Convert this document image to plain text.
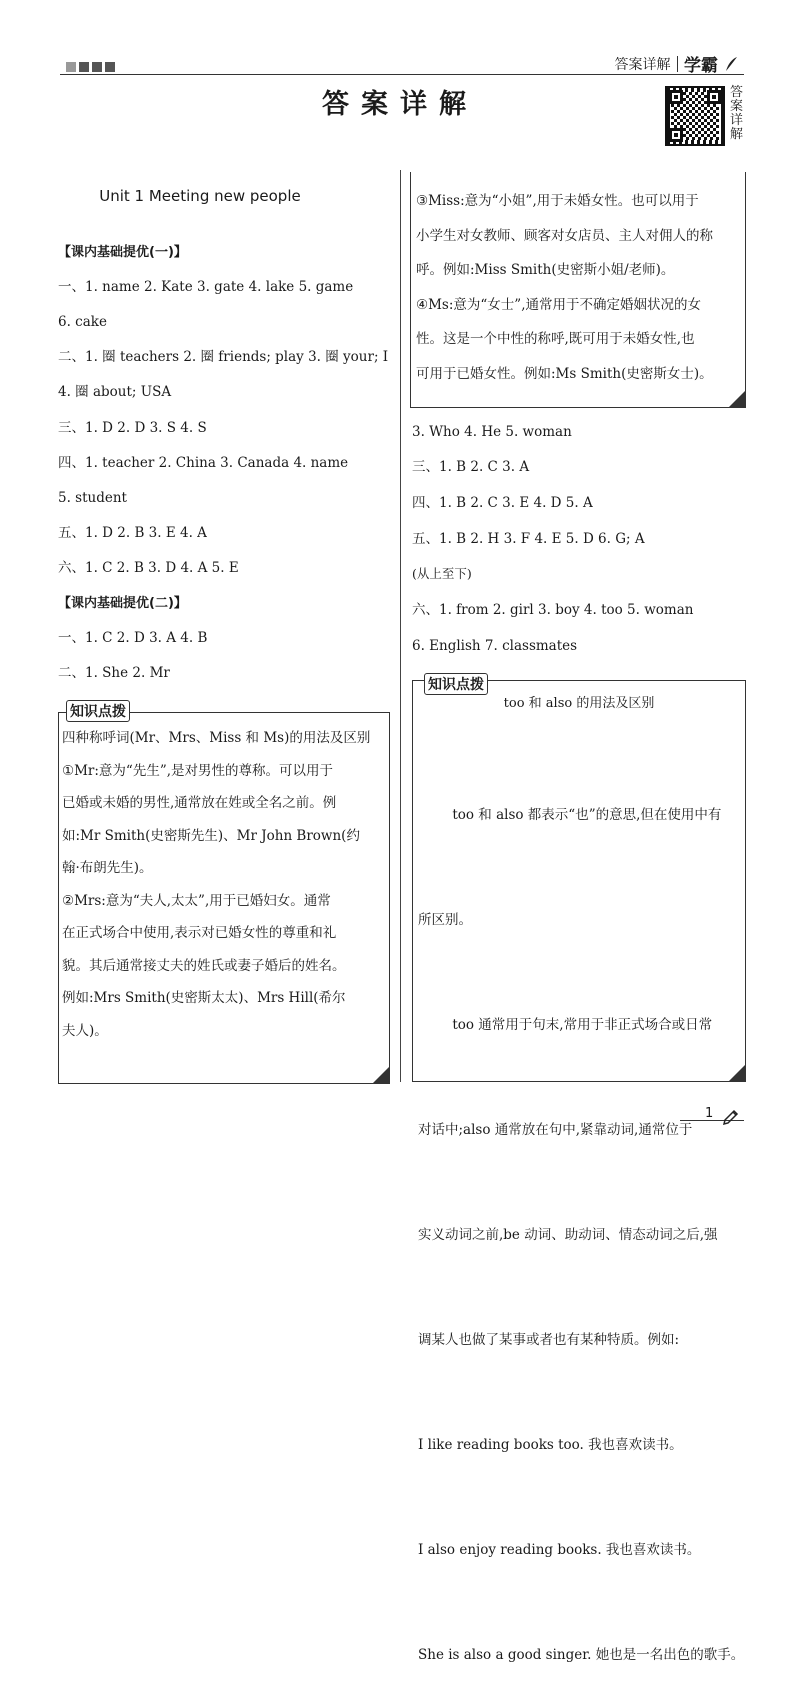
答案详解 学霸
答案详解	答案详解
Unit 1 Meeting new people
【课内基础提优(一)】
一、1. name 2. Kate 3. gate 4. lake 5. game
6. cake
二、1. 圈 teachers 2. 圈 friends; play 3. 圈 your; I
4. 圈 about; USA
三、1. D 2. D 3. S 4. S
四、1. teacher 2. China 3. Canada 4. name
5. student
五、1. D 2. B 3. E 4. A
六、1. C 2. B 3. D 4. A 5. E
【课内基础提优(二)】
一、1. C 2. D 3. A 4. B
二、1. She 2. Mr
知识点拨

四种称呼词(Mr、Mrs、Miss 和 Ms)的用法及区别

①Mr:意为“先生”,是对男性的尊称。可以用于

已婚或未婚的男性,通常放在姓或全名之前。例

如:Mr Smith(史密斯先生)、Mr John Brown(约

翰·布朗先生)。

②Mrs:意为“夫人,太太”,用于已婚妇女。通常

在正式场合中使用,表示对已婚女性的尊重和礼

貌。其后通常接丈夫的姓氏或妻子婚后的姓名。

例如:Mrs Smith(史密斯太太)、Mrs Hill(希尔

夫人)。

③Miss:意为“小姐”,用于未婚女性。也可以用于

小学生对女教师、顾客对女店员、主人对佣人的称

呼。例如:Miss Smith(史密斯小姐/老师)。

④Ms:意为“女士”,通常用于不确定婚姻状况的女

性。这是一个中性的称呼,既可用于未婚女性,也

可用于已婚女性。例如:Ms Smith(史密斯女士)。

3. Who 4. He 5. woman
三、1. B 2. C 3. A
四、1. B 2. C 3. E 4. D 5. A
五、1. B 2. H 3. F 4. E 5. D 6. G; A
(从上至下)
六、1. from 2. girl 3. boy 4. too 5. woman
6. English 7. classmates
知识点拨
too 和 also 的用法及区别

too 和 also 都表示“也”的意思,但在使用中有

所区别。

too 通常用于句末,常用于非正式场合或日常

对话中;also 通常放在句中,紧靠动词,通常位于

实义动词之前,be 动词、助动词、情态动词之后,强

调某人也做了某事或者也有某种特质。例如:

I like reading books too. 我也喜欢读书。

I also enjoy reading books. 我也喜欢读书。

She is also a good singer. 她也是一名出色的歌手。

1
